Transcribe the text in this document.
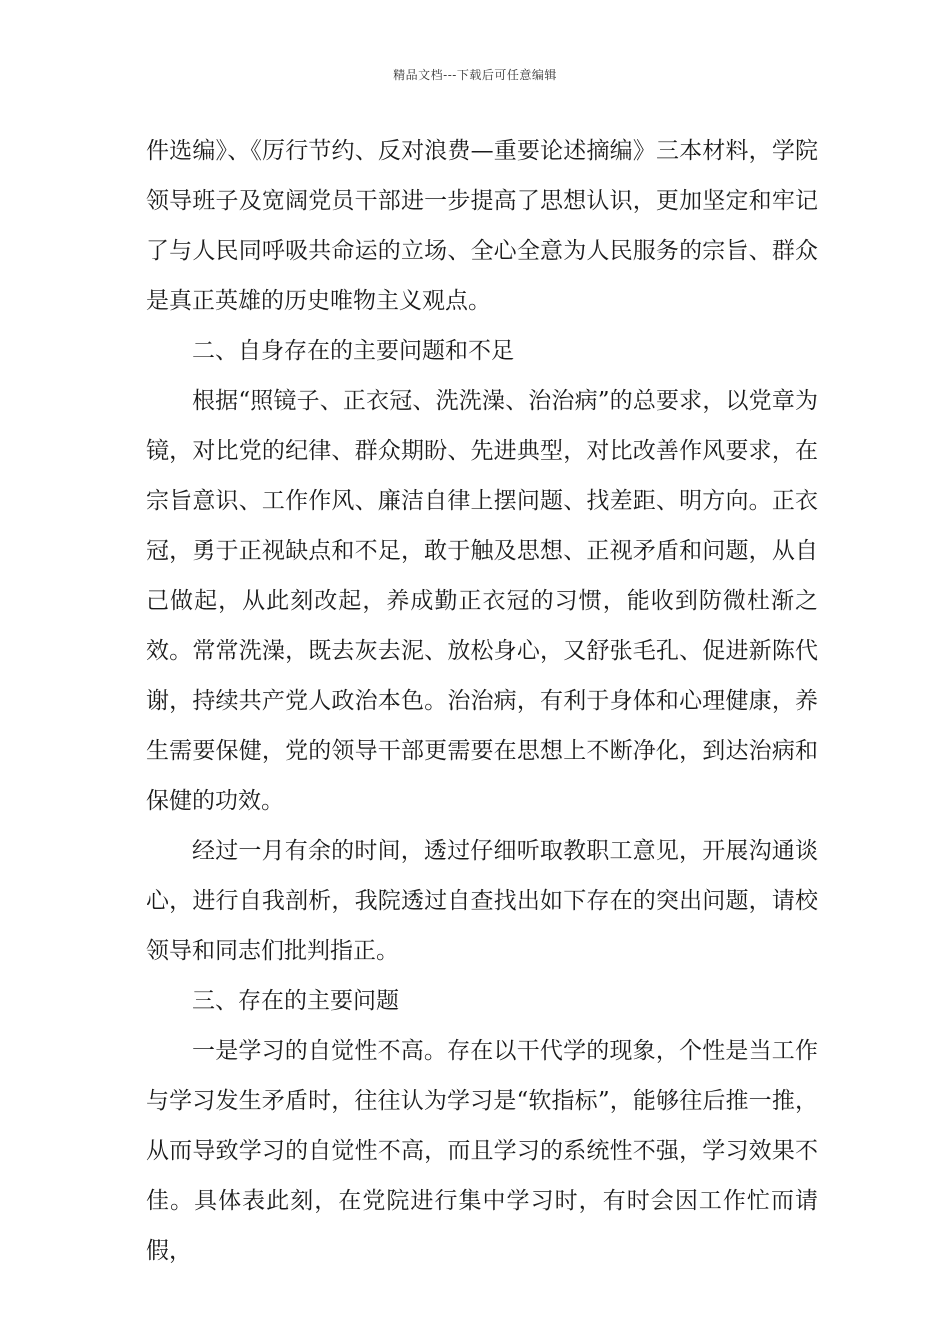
精品文档---下载后可任意编辑

件选编》、《厉行节约、反对浪费—重要论述摘编》三本材料，学院领导班子及宽阔党员干部进一步提高了思想认识，更加坚定和牢记了与人民同呼吸共命运的立场、全心全意为人民服务的宗旨、群众是真正英雄的历史唯物主义观点。

二、自身存在的主要问题和不足

根据“照镜子、正衣冠、洗洗澡、治治病”的总要求，以党章为镜，对比党的纪律、群众期盼、先进典型，对比改善作风要求，在宗旨意识、工作作风、廉洁自律上摆问题、找差距、明方向。正衣冠，勇于正视缺点和不足，敢于触及思想、正视矛盾和问题，从自己做起，从此刻改起，养成勤正衣冠的习惯，能收到防微杜渐之效。常常洗澡，既去灰去泥、放松身心，又舒张毛孔、促进新陈代谢，持续共产党人政治本色。治治病，有利于身体和心理健康，养生需要保健，党的领导干部更需要在思想上不断净化，到达治病和保健的功效。

经过一月有余的时间，透过仔细听取教职工意见，开展沟通谈心，进行自我剖析，我院透过自查找出如下存在的突出问题，请校领导和同志们批判指正。

三、存在的主要问题

一是学习的自觉性不高。存在以干代学的现象，个性是当工作与学习发生矛盾时，往往认为学习是“软指标”，能够往后推一推，从而导致学习的自觉性不高，而且学习的系统性不强，学习效果不佳。具体表此刻，在党院进行集中学习时，有时会因工作忙而请假，
